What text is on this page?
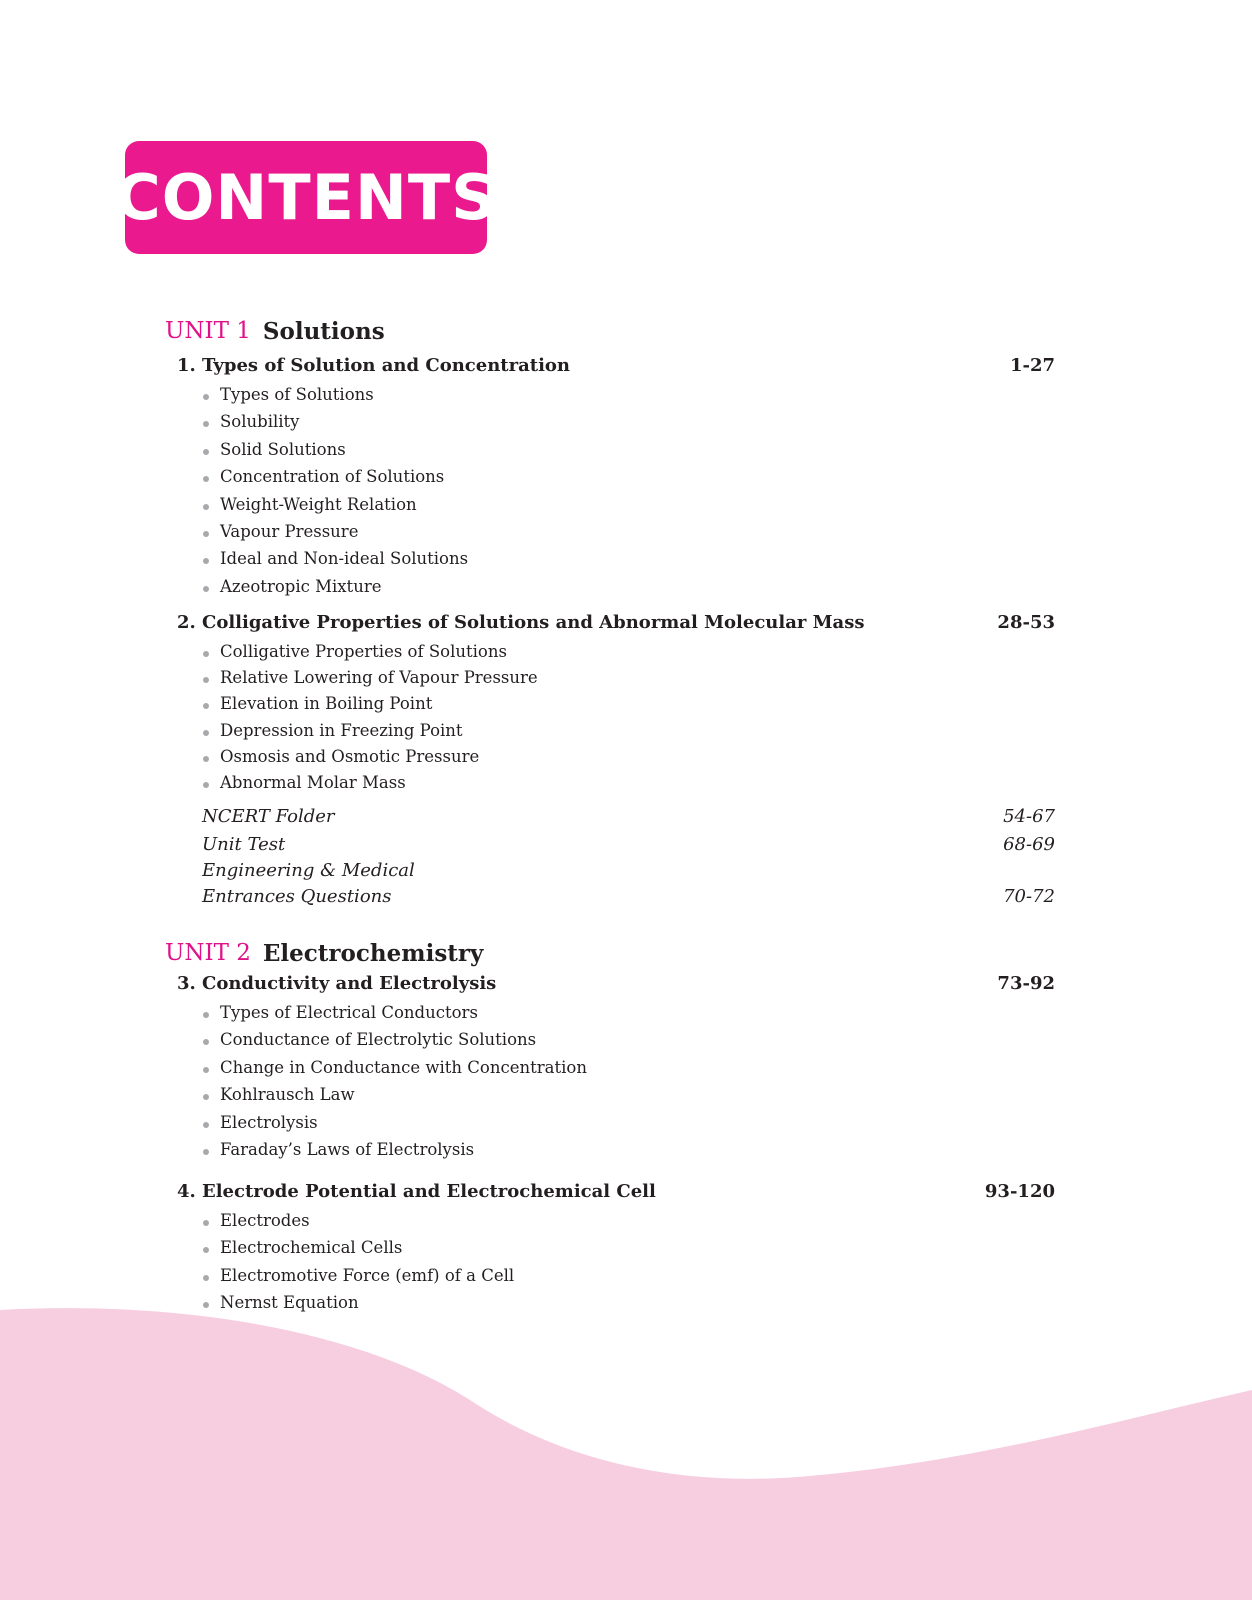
CONTENTS
UNIT 1 Solutions
1. Types of Solution and Concentration	1-27
Types of Solutions
Solubility
Solid Solutions
Concentration of Solutions
Weight-Weight Relation
Vapour Pressure
Ideal and Non-ideal Solutions
Azeotropic Mixture
2. Colligative Properties of Solutions and Abnormal Molecular Mass	28-53
Colligative Properties of Solutions
Relative Lowering of Vapour Pressure
Elevation in Boiling Point
Depression in Freezing Point
Osmosis and Osmotic Pressure
Abnormal Molar Mass
NCERT Folder	54-67
Unit Test	68-69
Engineering & Medical
Entrances Questions	70-72
UNIT 2 Electrochemistry
3. Conductivity and Electrolysis	73-92
Types of Electrical Conductors
Conductance of Electrolytic Solutions
Change in Conductance with Concentration
Kohlrausch Law
Electrolysis
Faraday’s Laws of Electrolysis
4. Electrode Potential and Electrochemical Cell	93-120
Electrodes
Electrochemical Cells
Electromotive Force (emf) of a Cell
Nernst Equation
